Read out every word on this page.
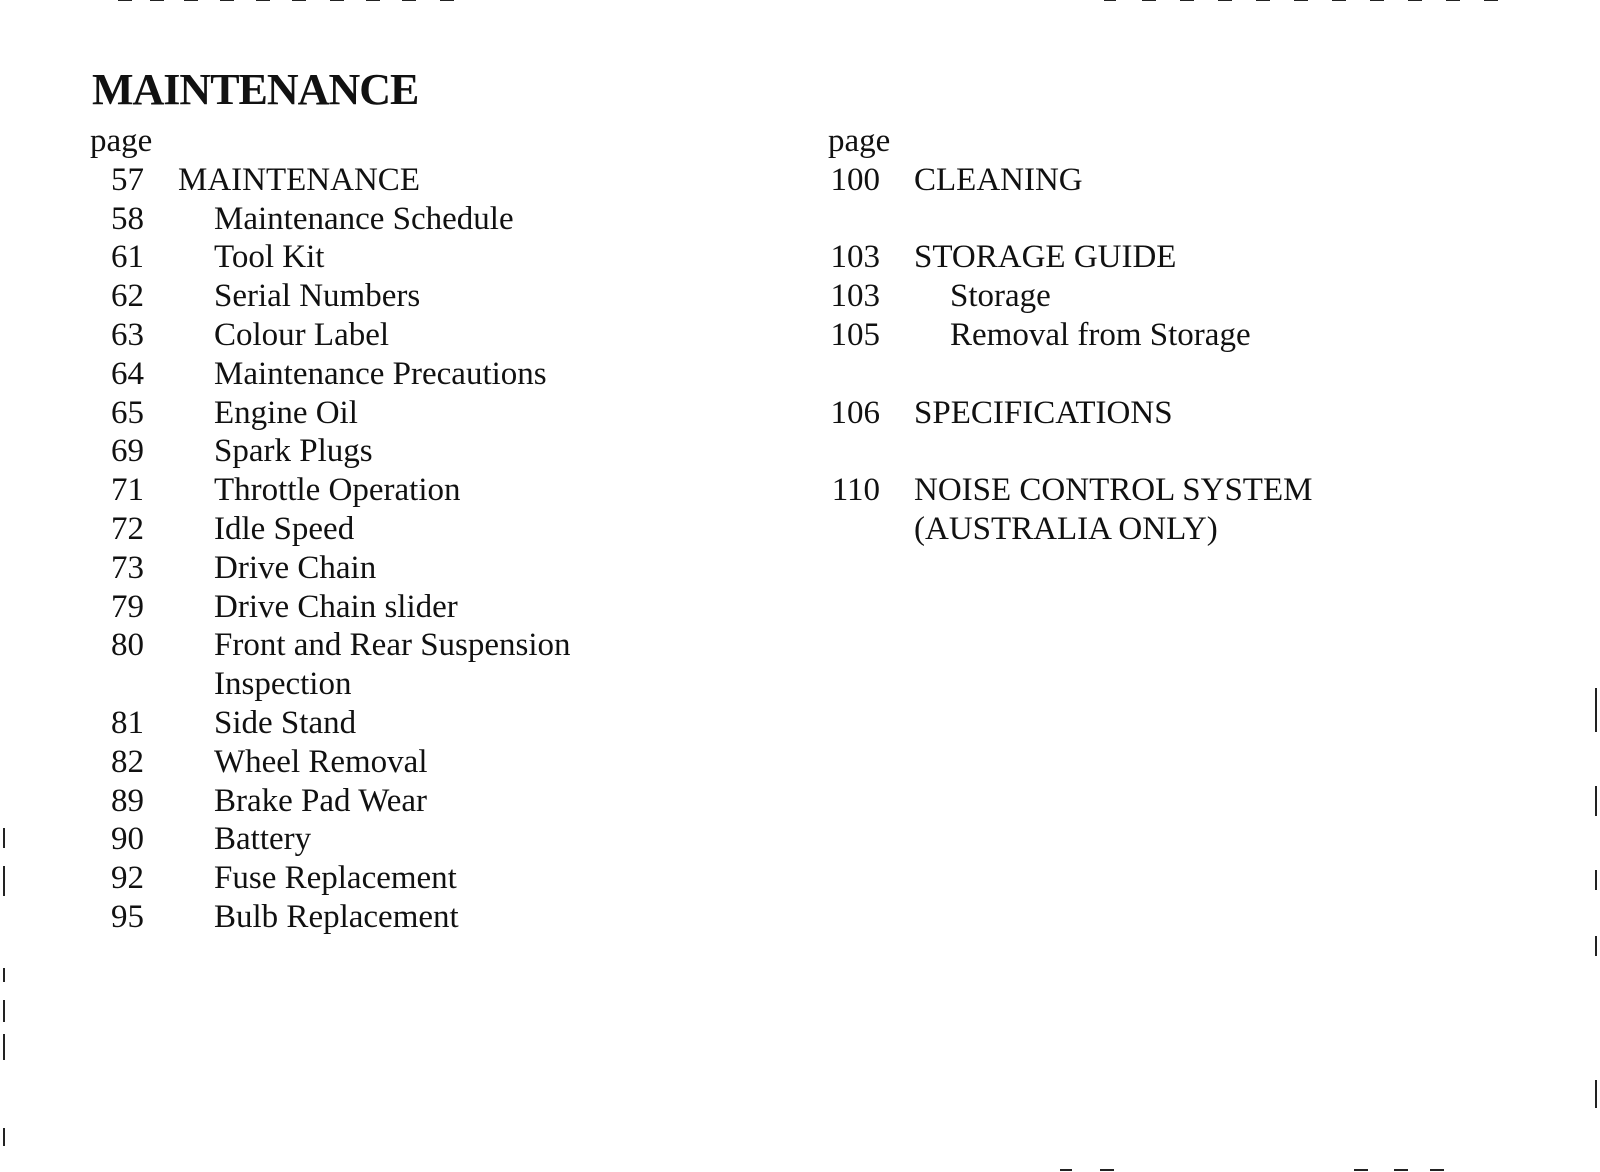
MAINTENANCE
page
57	MAINTENANCE
58	Maintenance Schedule
61	Tool Kit
62	Serial Numbers
63	Colour Label
64	Maintenance Precautions
65	Engine Oil
69	Spark Plugs
71	Throttle Operation
72	Idle Speed
73	Drive Chain
79	Drive Chain slider
80	Front and Rear Suspension
Inspection
81	Side Stand
82	Wheel Removal
89	Brake Pad Wear
90	Battery
92	Fuse Replacement
95	Bulb Replacement
page
100	CLEANING
103	STORAGE GUIDE
103	Storage
105	Removal from Storage
106	SPECIFICATIONS
110	NOISE CONTROL SYSTEM
(AUSTRALIA ONLY)
